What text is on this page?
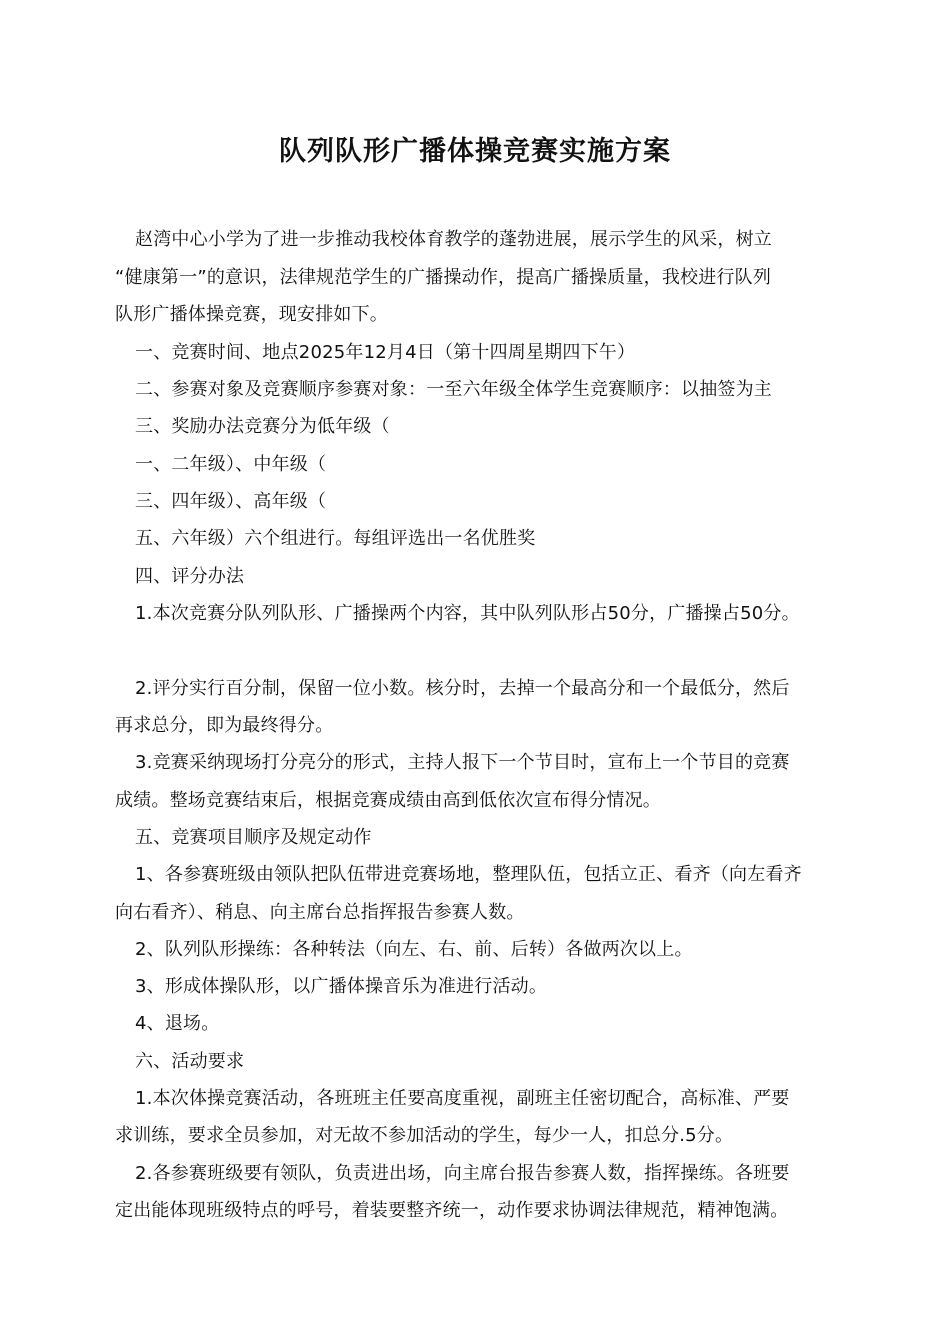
队列队形广播体操竞赛实施方案
赵湾中心小学为了进一步推动我校体育教学的蓬勃进展，展示学生的风采，树立
“健康第一”的意识，法律规范学生的广播操动作，提高广播操质量，我校进行队列
队形广播体操竞赛，现安排如下。
一、竞赛时间、地点2025年12月4日（第十四周星期四下午）
二、参赛对象及竞赛顺序参赛对象：一至六年级全体学生竞赛顺序：以抽签为主
三、奖励办法竞赛分为低年级（
一、二年级）、中年级（
三、四年级）、高年级（
五、六年级）六个组进行。每组评选出一名优胜奖
四、评分办法
1.本次竞赛分队列队形、广播操两个内容，其中队列队形占50分，广播操占50分。
2.评分实行百分制，保留一位小数。核分时，去掉一个最高分和一个最低分，然后
再求总分，即为最终得分。
3.竞赛采纳现场打分亮分的形式，主持人报下一个节目时，宣布上一个节目的竞赛
成绩。整场竞赛结束后，根据竞赛成绩由高到低依次宣布得分情况。
五、竞赛项目顺序及规定动作
1、各参赛班级由领队把队伍带进竞赛场地，整理队伍，包括立正、看齐（向左看齐
向右看齐）、稍息、向主席台总指挥报告参赛人数。
2、队列队形操练：各种转法（向左、右、前、后转）各做两次以上。
3、形成体操队形，以广播体操音乐为准进行活动。
4、退场。
六、活动要求
1.本次体操竞赛活动，各班班主任要高度重视，副班主任密切配合，高标准、严要
求训练，要求全员参加，对无故不参加活动的学生，每少一人，扣总分.5分。
2.各参赛班级要有领队，负责进出场，向主席台报告参赛人数，指挥操练。各班要
定出能体现班级特点的呼号，着装要整齐统一，动作要求协调法律规范，精神饱满。
